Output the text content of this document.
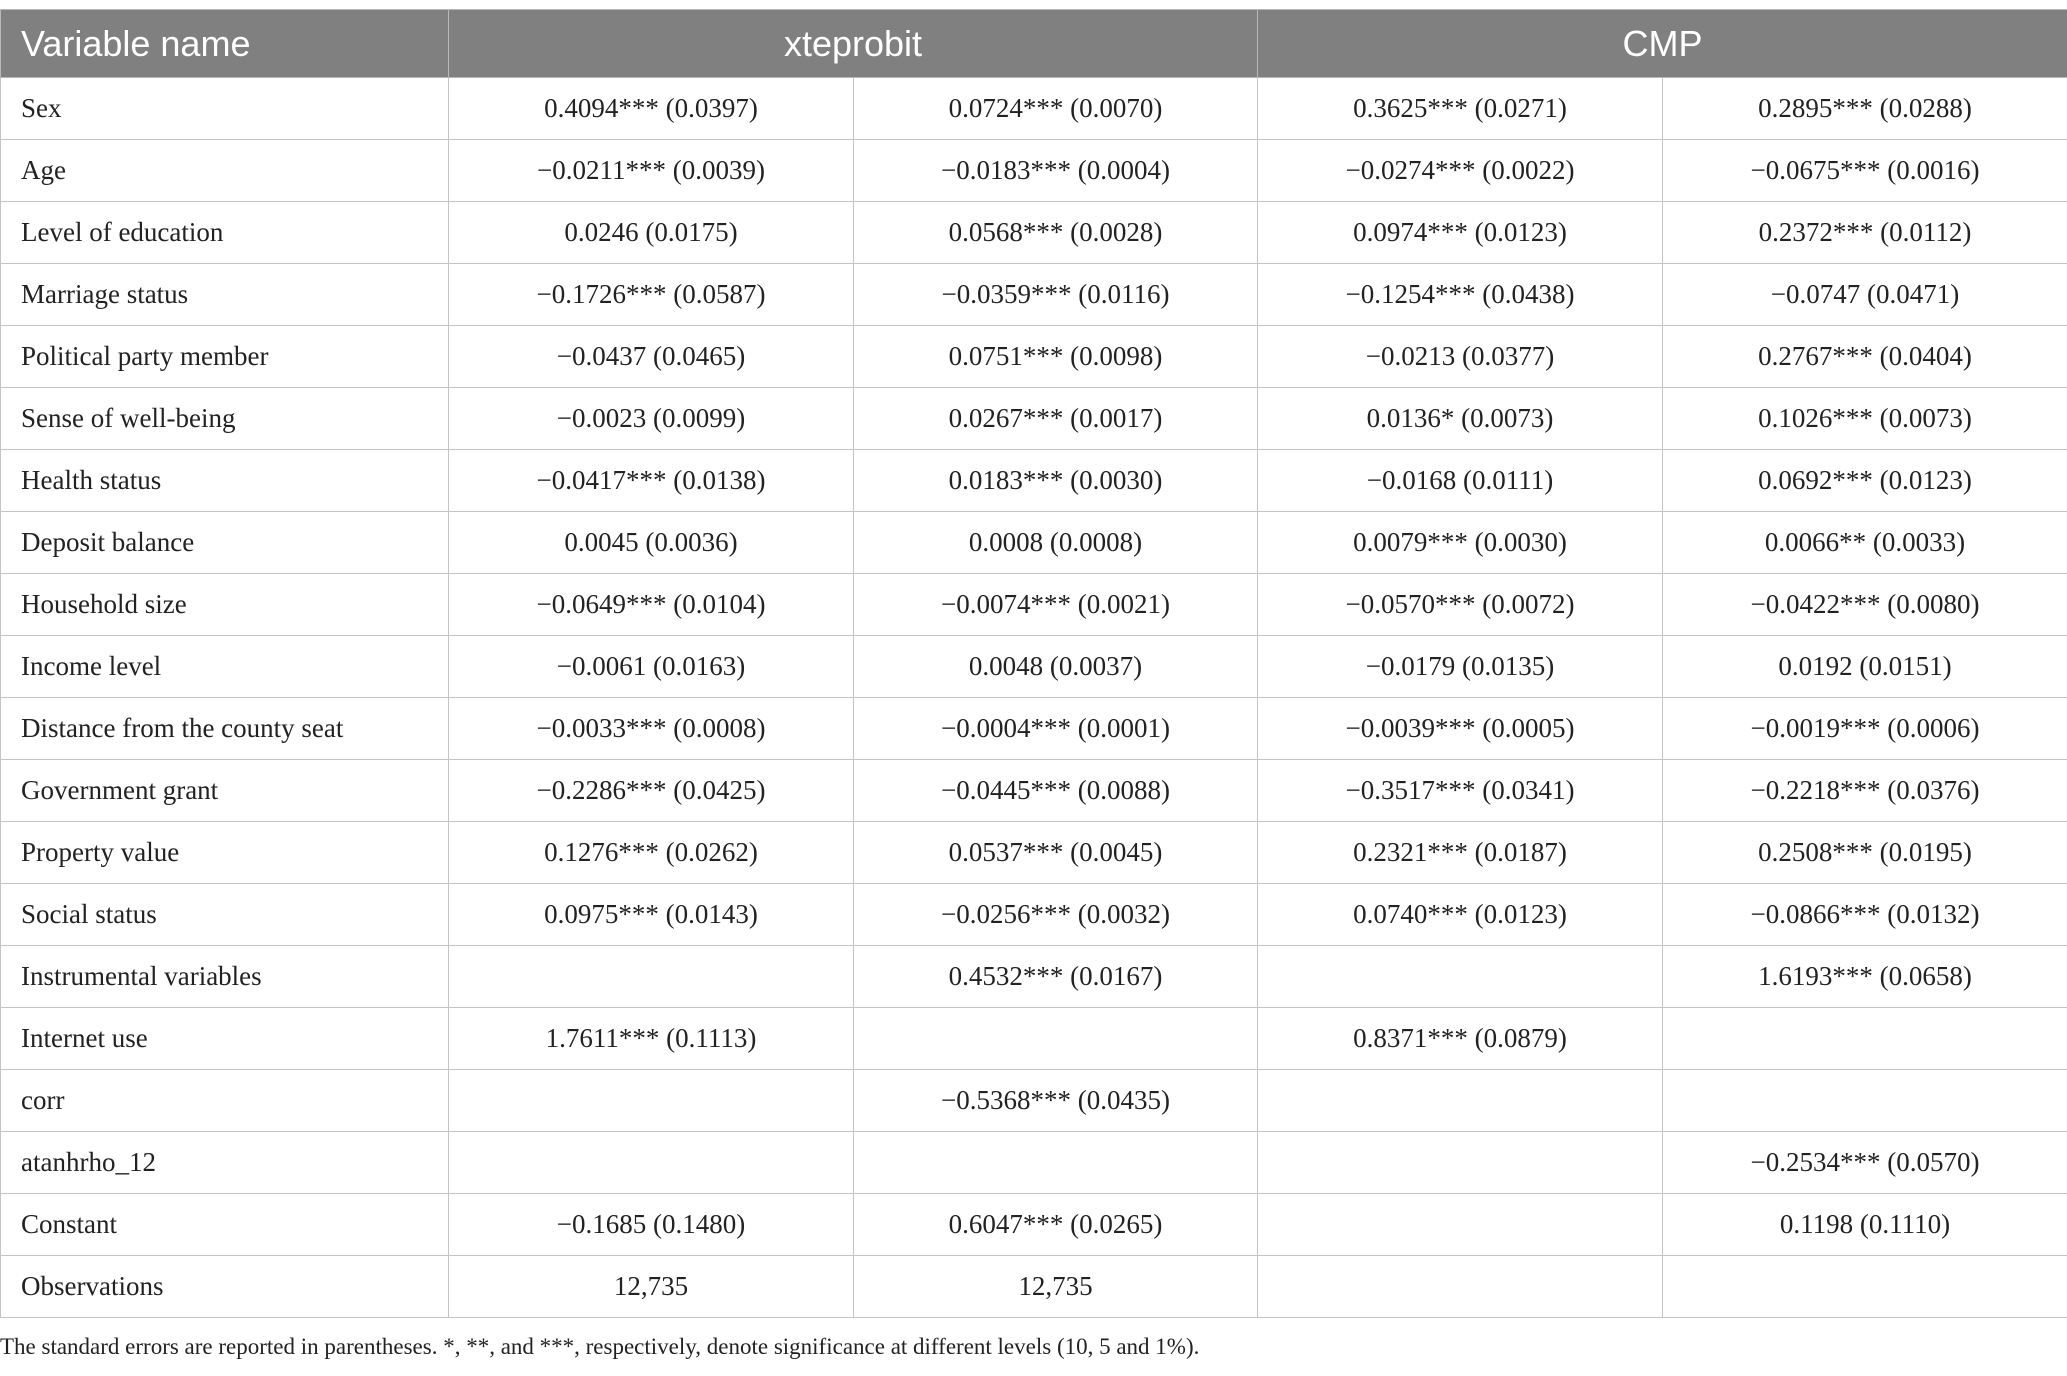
Variable name	xteprobit		CMP	
Sex	0.4094*** (0.0397)	0.0724*** (0.0070)	0.3625*** (0.0271)	0.2895*** (0.0288)
Age	−0.0211*** (0.0039)	−0.0183*** (0.0004)	−0.0274*** (0.0022)	−0.0675*** (0.0016)
Level of education	0.0246 (0.0175)	0.0568*** (0.0028)	0.0974*** (0.0123)	0.2372*** (0.0112)
Marriage status	−0.1726*** (0.0587)	−0.0359*** (0.0116)	−0.1254*** (0.0438)	−0.0747 (0.0471)
Political party member	−0.0437 (0.0465)	0.0751*** (0.0098)	−0.0213 (0.0377)	0.2767*** (0.0404)
Sense of well-being	−0.0023 (0.0099)	0.0267*** (0.0017)	0.0136* (0.0073)	0.1026*** (0.0073)
Health status	−0.0417*** (0.0138)	0.0183*** (0.0030)	−0.0168 (0.0111)	0.0692*** (0.0123)
Deposit balance	0.0045 (0.0036)	0.0008 (0.0008)	0.0079*** (0.0030)	0.0066** (0.0033)
Household size	−0.0649*** (0.0104)	−0.0074*** (0.0021)	−0.0570*** (0.0072)	−0.0422*** (0.0080)
Income level	−0.0061 (0.0163)	0.0048 (0.0037)	−0.0179 (0.0135)	0.0192 (0.0151)
Distance from the county seat	−0.0033*** (0.0008)	−0.0004*** (0.0001)	−0.0039*** (0.0005)	−0.0019*** (0.0006)
Government grant	−0.2286*** (0.0425)	−0.0445*** (0.0088)	−0.3517*** (0.0341)	−0.2218*** (0.0376)
Property value	0.1276*** (0.0262)	0.0537*** (0.0045)	0.2321*** (0.0187)	0.2508*** (0.0195)
Social status	0.0975*** (0.0143)	−0.0256*** (0.0032)	0.0740*** (0.0123)	−0.0866*** (0.0132)
Instrumental variables		0.4532*** (0.0167)		1.6193*** (0.0658)
Internet use	1.7611*** (0.1113)		0.8371*** (0.0879)	
corr		−0.5368*** (0.0435)		
atanhrho_12				−0.2534*** (0.0570)
Constant	−0.1685 (0.1480)	0.6047*** (0.0265)		0.1198 (0.1110)
Observations	12,735	12,735		
The standard errors are reported in parentheses. *, **, and ***, respectively, denote significance at different levels (10, 5 and 1%).
